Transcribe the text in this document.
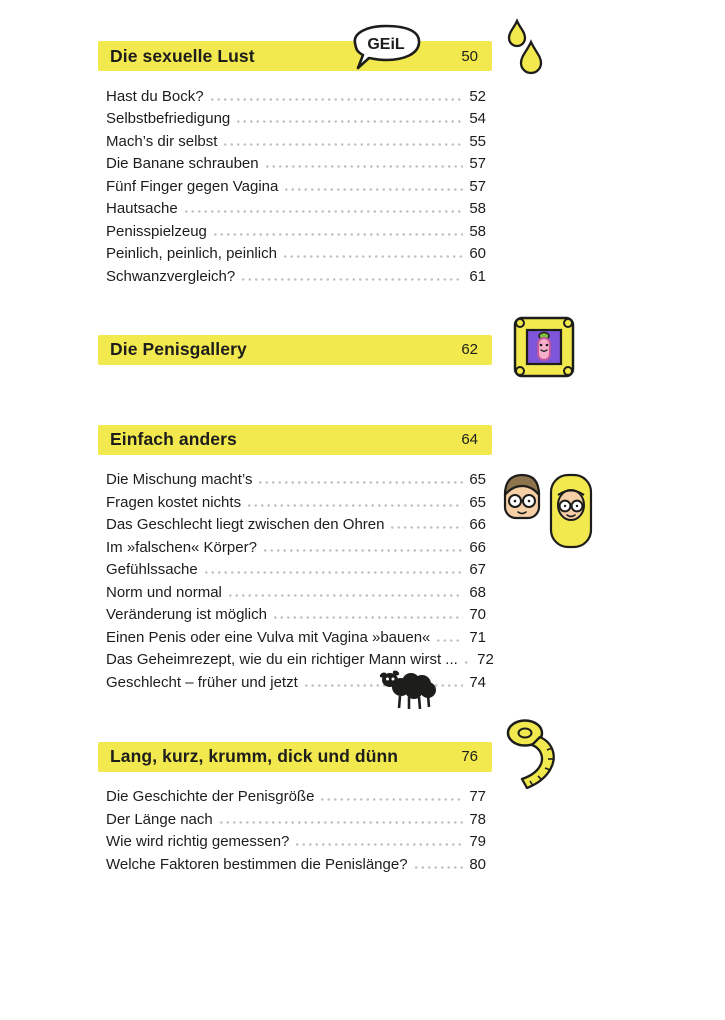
Die sexuelle Lust	50
Hast du Bock?	52
Selbstbefriedigung	54
Mach’s dir selbst	55
Die Banane schrauben	57
Fünf Finger gegen Vagina	57
Hautsache	58
Penisspielzeug	58
Peinlich, peinlich, peinlich	60
Schwanzvergleich?	61
Die Penisgallery	62
Einfach anders	64
Die Mischung macht’s	65
Fragen kostet nichts	65
Das Geschlecht liegt zwischen den Ohren	66
Im »falschen« Körper?	66
Gefühlssache	67
Norm und normal	68
Veränderung ist möglich	70
Einen Penis oder eine Vulva mit Vagina »bauen«	71
Das Geheimrezept, wie du ein richtiger Mann wirst ... 72
Geschlecht – früher und jetzt	74
Lang, kurz, krumm, dick und dünn	76
Die Geschichte der Penisgröße	77
Der Länge nach	78
Wie wird richtig gemessen?	79
Welche Faktoren bestimmen die Penislänge?	80
GEiL
